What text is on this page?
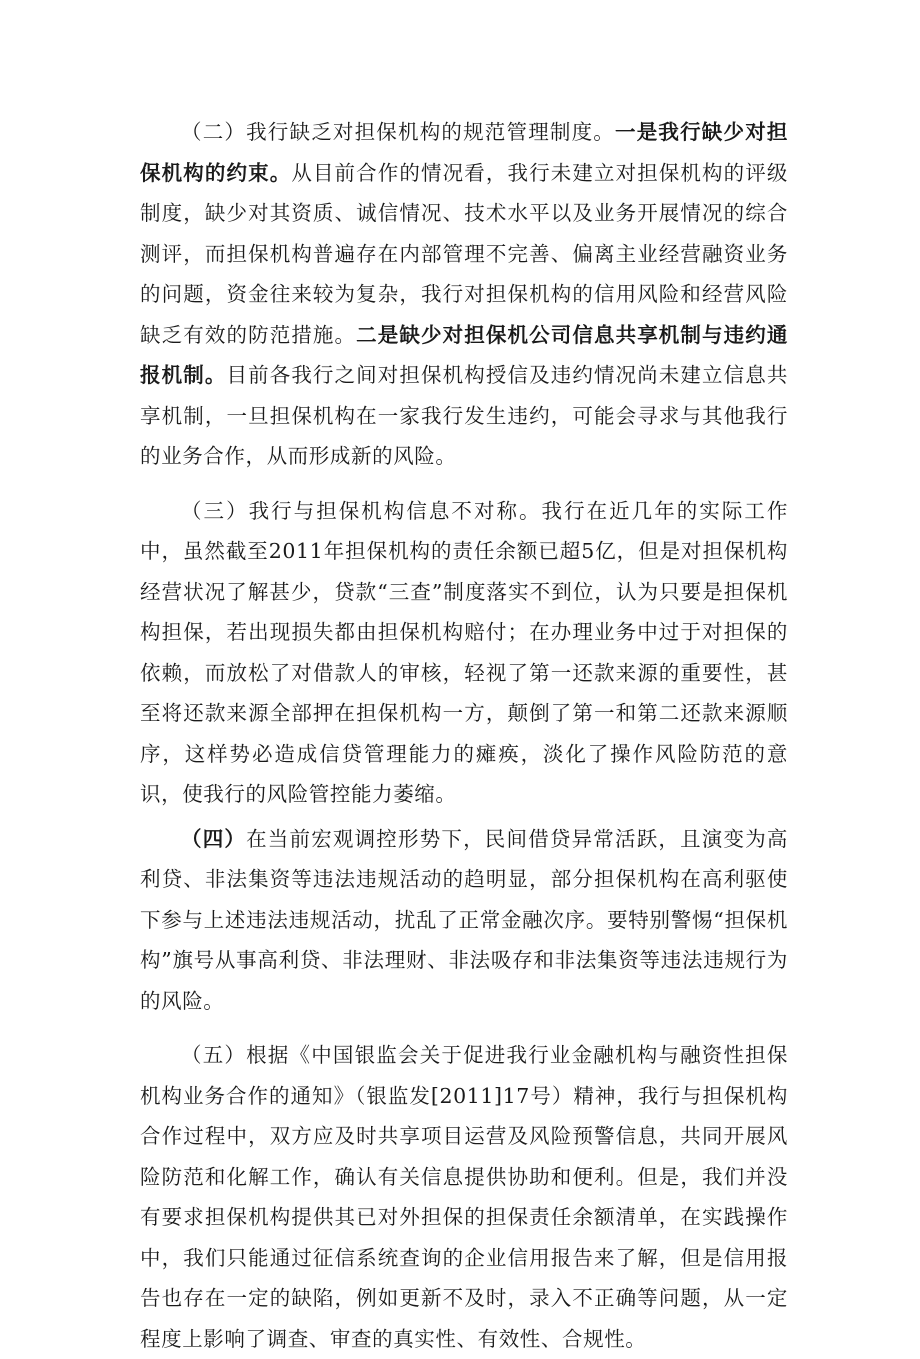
（二）我行缺乏对担保机构的规范管理制度。一是我行缺少对担保机构的约束。从目前合作的情况看，我行未建立对担保机构的评级制度，缺少对其资质、诚信情况、技术水平以及业务开展情况的综合测评，而担保机构普遍存在内部管理不完善、偏离主业经营融资业务的问题，资金往来较为复杂，我行对担保机构的信用风险和经营风险缺乏有效的防范措施。二是缺少对担保机公司信息共享机制与违约通报机制。目前各我行之间对担保机构授信及违约情况尚未建立信息共享机制，一旦担保机构在一家我行发生违约，可能会寻求与其他我行的业务合作，从而形成新的风险。

（三）我行与担保机构信息不对称。我行在近几年的实际工作中，虽然截至2011年担保机构的责任余额已超5亿，但是对担保机构经营状况了解甚少，贷款“三查”制度落实不到位，认为只要是担保机构担保，若出现损失都由担保机构赔付；在办理业务中过于对担保的依赖，而放松了对借款人的审核，轻视了第一还款来源的重要性，甚至将还款来源全部押在担保机构一方，颠倒了第一和第二还款来源顺序，这样势必造成信贷管理能力的瘫痪，淡化了操作风险防范的意识，使我行的风险管控能力萎缩。

（四）在当前宏观调控形势下，民间借贷异常活跃，且演变为高利贷、非法集资等违法违规活动的趋明显，部分担保机构在高利驱使下参与上述违法违规活动，扰乱了正常金融次序。要特别警惕“担保机构”旗号从事高利贷、非法理财、非法吸存和非法集资等违法违规行为的风险。

（五）根据《中国银监会关于促进我行业金融机构与融资性担保机构业务合作的通知》（银监发[2011]17号）精神，我行与担保机构合作过程中，双方应及时共享项目运营及风险预警信息，共同开展风险防范和化解工作，确认有关信息提供协助和便利。但是，我们并没有要求担保机构提供其已对外担保的担保责任余额清单，在实践操作中，我们只能通过征信系统查询的企业信用报告来了解，但是信用报告也存在一定的缺陷，例如更新不及时，录入不正确等问题，从一定程度上影响了调查、审查的真实性、有效性、合规性。
